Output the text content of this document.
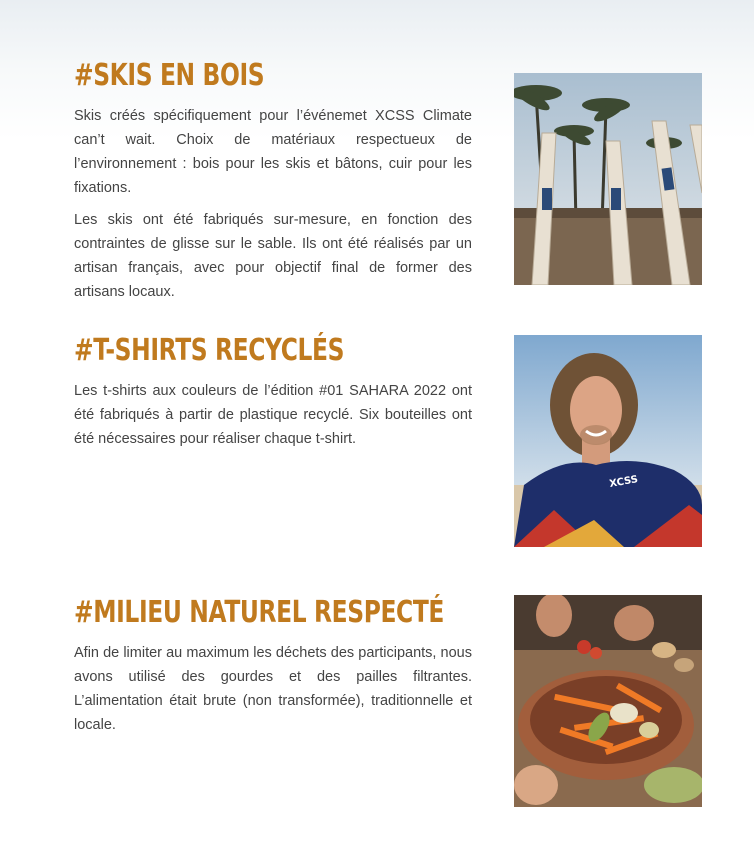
#SKIS EN BOIS

Skis créés spécifiquement pour l’événemet XCSS Climate can’t wait. Choix de matériaux respectueux de l’environnement : bois pour les skis et bâtons, cuir pour les fixations.

Les skis ont été fabriqués sur-mesure, en fonction des contraintes de glisse sur le sable. Ils ont été réalisés par un artisan français, avec pour objectif final de former des artisans locaux.

#T-SHIRTS RECYCLÉS

Les t-shirts aux couleurs de l’édition #01 SAHARA 2022 ont été fabriqués à partir de plastique recyclé. Six bouteilles ont été nécessaires pour réaliser chaque t-shirt.

XCSS
#MILIEU NATUREL RESPECTÉ

Afin de limiter au maximum les déchets des participants, nous avons utilisé des gourdes et des pailles filtrantes. L’alimentation était brute (non transformée), traditionnelle et locale.
